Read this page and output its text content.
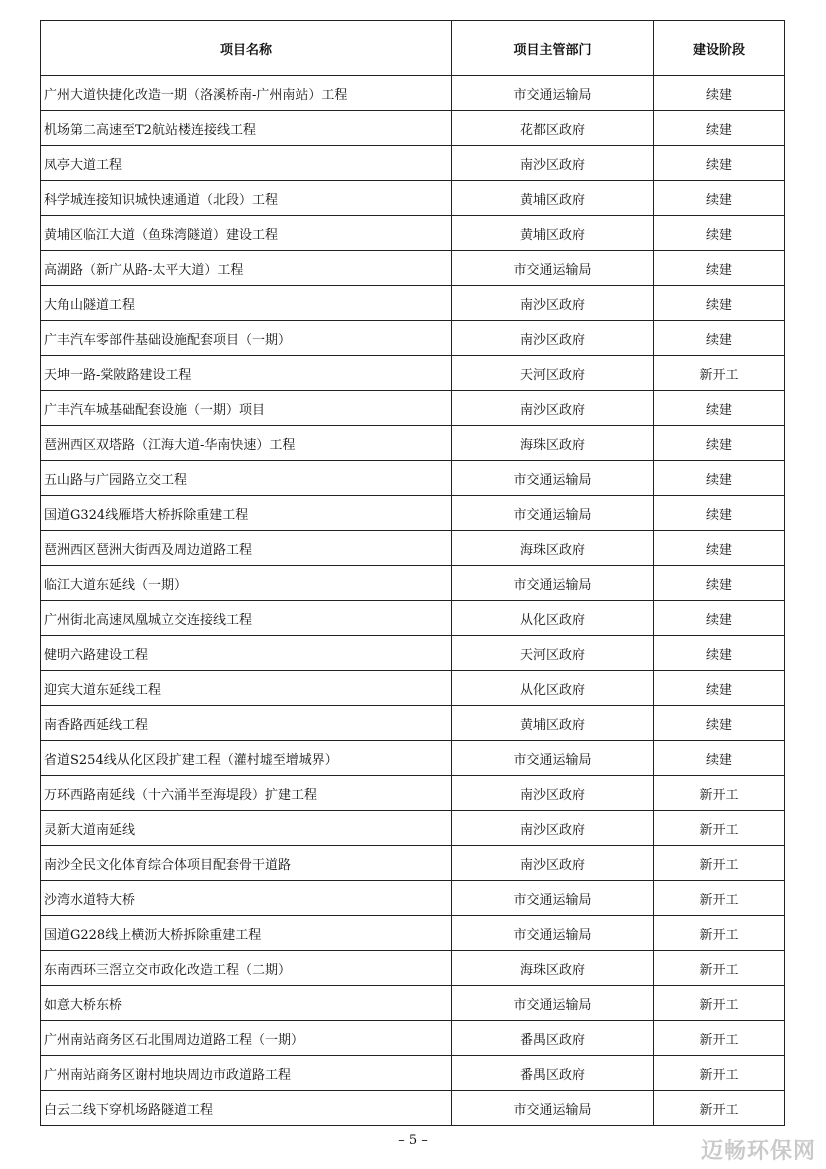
项目名称	项目主管部门	建设阶段
广州大道快捷化改造一期（洛溪桥南-广州南站）工程	市交通运输局	续建
机场第二高速至T2航站楼连接线工程	花都区政府	续建
凤亭大道工程	南沙区政府	续建
科学城连接知识城快速通道（北段）工程	黄埔区政府	续建
黄埔区临江大道（鱼珠湾隧道）建设工程	黄埔区政府	续建
高湖路（新广从路-太平大道）工程	市交通运输局	续建
大角山隧道工程	南沙区政府	续建
广丰汽车零部件基础设施配套项目（一期）	南沙区政府	续建
天坤一路-棠陂路建设工程	天河区政府	新开工
广丰汽车城基础配套设施（一期）项目	南沙区政府	续建
琶洲西区双塔路（江海大道-华南快速）工程	海珠区政府	续建
五山路与广园路立交工程	市交通运输局	续建
国道G324线雁塔大桥拆除重建工程	市交通运输局	续建
琶洲西区琶洲大街西及周边道路工程	海珠区政府	续建
临江大道东延线（一期）	市交通运输局	续建
广州街北高速凤凰城立交连接线工程	从化区政府	续建
健明六路建设工程	天河区政府	续建
迎宾大道东延线工程	从化区政府	续建
南香路西延线工程	黄埔区政府	续建
省道S254线从化区段扩建工程（灌村墟至增城界）	市交通运输局	续建
万环西路南延线（十六涌半至海堤段）扩建工程	南沙区政府	新开工
灵新大道南延线	南沙区政府	新开工
南沙全民文化体育综合体项目配套骨干道路	南沙区政府	新开工
沙湾水道特大桥	市交通运输局	新开工
国道G228线上横沥大桥拆除重建工程	市交通运输局	新开工
东南西环三滘立交市政化改造工程（二期）	海珠区政府	新开工
如意大桥东桥	市交通运输局	新开工
广州南站商务区石北围周边道路工程（一期）	番禺区政府	新开工
广州南站商务区谢村地块周边市政道路工程	番禺区政府	新开工
白云二线下穿机场路隧道工程	市交通运输局	新开工
– 5 –	迈畅环保网
